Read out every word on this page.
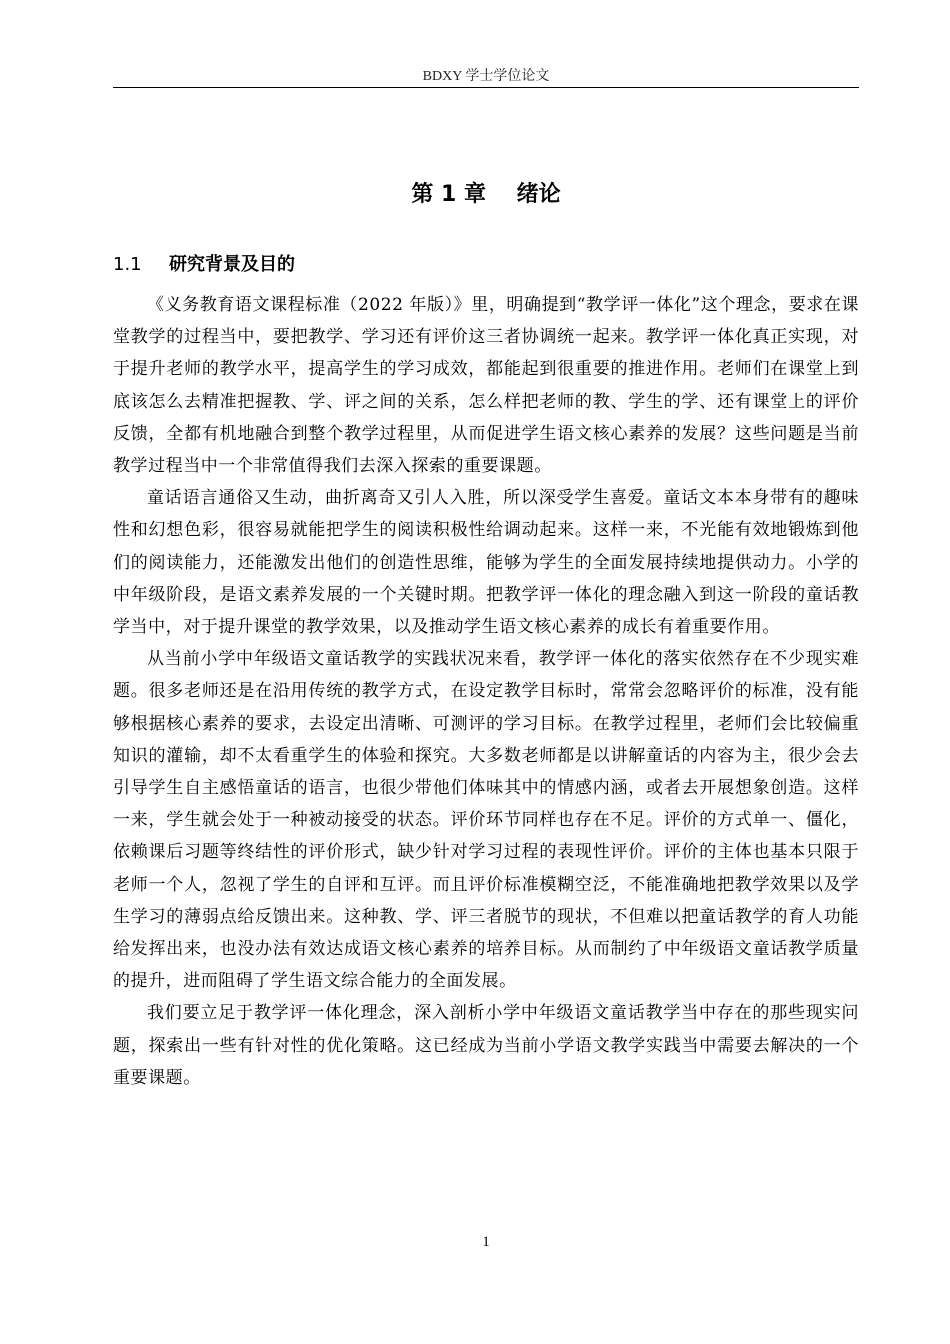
BDXY 学士学位论文
第 1 章    绪论
1.1 研究背景及目的

《义务教育语文课程标准（2022 年版）》里，明确提到“教学评一体化”这个理念，要求在课堂教学的过程当中，要把教学、学习还有评价这三者协调统一起来。教学评一体化真正实现，对于提升老师的教学水平，提高学生的学习成效，都能起到很重要的推进作用。老师们在课堂上到底该怎么去精准把握教、学、评之间的关系，怎么样把老师的教、学生的学、还有课堂上的评价反馈，全都有机地融合到整个教学过程里，从而促进学生语文核心素养的发展？这些问题是当前教学过程当中一个非常值得我们去深入探索的重要课题。

童话语言通俗又生动，曲折离奇又引人入胜，所以深受学生喜爱。童话文本本身带有的趣味性和幻想色彩，很容易就能把学生的阅读积极性给调动起来。这样一来，不光能有效地锻炼到他们的阅读能力，还能激发出他们的创造性思维，能够为学生的全面发展持续地提供动力。小学的中年级阶段，是语文素养发展的一个关键时期。把教学评一体化的理念融入到这一阶段的童话教学当中，对于提升课堂的教学效果，以及推动学生语文核心素养的成长有着重要作用。

从当前小学中年级语文童话教学的实践状况来看，教学评一体化的落实依然存在不少现实难题。很多老师还是在沿用传统的教学方式，在设定教学目标时，常常会忽略评价的标准，没有能够根据核心素养的要求，去设定出清晰、可测评的学习目标。在教学过程里，老师们会比较偏重知识的灌输，却不太看重学生的体验和探究。大多数老师都是以讲解童话的内容为主，很少会去引导学生自主感悟童话的语言，也很少带他们体味其中的情感内涵，或者去开展想象创造。这样一来，学生就会处于一种被动接受的状态。评价环节同样也存在不足。评价的方式单一、僵化，依赖课后习题等终结性的评价形式，缺少针对学习过程的表现性评价。评价的主体也基本只限于老师一个人，忽视了学生的自评和互评。而且评价标准模糊空泛，不能准确地把教学效果以及学生学习的薄弱点给反馈出来。这种教、学、评三者脱节的现状，不但难以把童话教学的育人功能给发挥出来，也没办法有效达成语文核心素养的培养目标。从而制约了中年级语文童话教学质量的提升，进而阻碍了学生语文综合能力的全面发展。

我们要立足于教学评一体化理念，深入剖析小学中年级语文童话教学当中存在的那些现实问题，探索出一些有针对性的优化策略。这已经成为当前小学语文教学实践当中需要去解决的一个重要课题。

1
